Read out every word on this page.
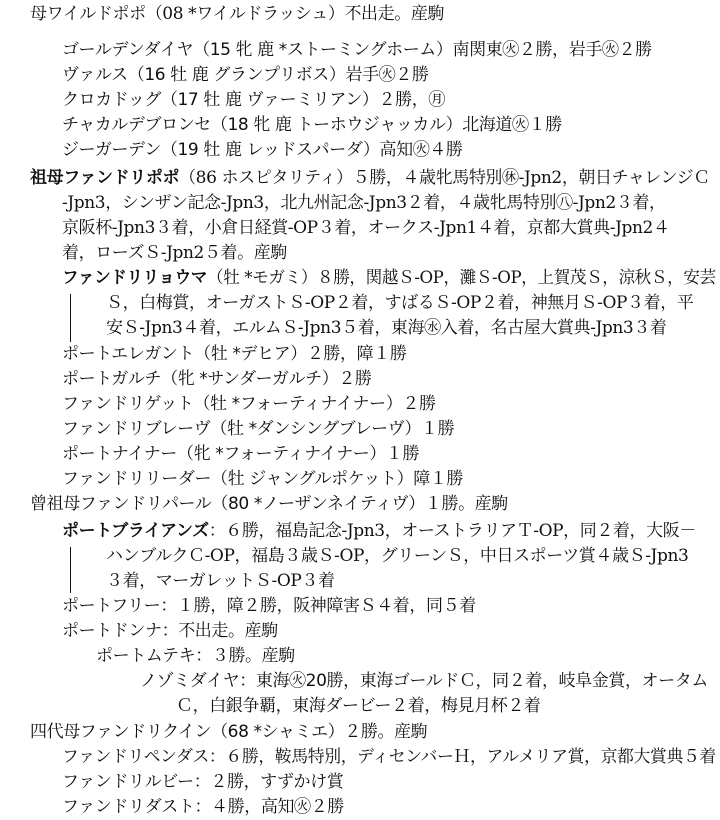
母ワイルドポポ（08 *ワイルドラッシュ）不出走。産駒
ゴールデンダイヤ（15 牝 鹿 *ストーミングホーム）南関東㊋２勝，岩手㊋２勝
ヴァルス（16 牡 鹿 グランプリボス）岩手㊋２勝
クロカドッグ（17 牡 鹿 ヴァーミリアン）２勝，㊊
チャカルデブロンセ（18 牝 鹿 トーホウジャッカル）北海道㊋１勝
ジーガーデン（19 牡 鹿 レッドスパーダ）高知㊋４勝
祖母ファンドリポポ（86 ホスピタリティ）５勝，４歳牝馬特別㊡-Jpn2，朝日チャレンジＣ
-Jpn3，シンザン記念-Jpn3，北九州記念-Jpn3２着，４歳牝馬特別㊇-Jpn2３着，
京阪杯-Jpn3３着，小倉日経賞-OP３着，オークス-Jpn1４着，京都大賞典-Jpn2４
着，ローズＳ-Jpn2５着。産駒
ファンドリリョウマ（牡 *モガミ）８勝，関越Ｓ-OP，灘Ｓ-OP，上賀茂Ｓ，涼秋Ｓ，安芸
Ｓ，白梅賞，オーガストＳ-OP２着，すばるＳ-OP２着，神無月Ｓ-OP３着，平
安Ｓ-Jpn3４着，エルムＳ-Jpn3５着，東海㊌入着，名古屋大賞典-Jpn3３着
ポートエレガント（牡 *デヒア）２勝，障１勝
ポートガルチ（牝 *サンダーガルチ）２勝
ファンドリゲット（牡 *フォーティナイナー）２勝
ファンドリブレーヴ（牡 *ダンシングブレーヴ）１勝
ポートナイナー（牝 *フォーティナイナー）１勝
ファンドリリーダー（牡 ジャングルポケット）障１勝
曾祖母ファンドリパール（80 *ノーザンネイティヴ）１勝。産駒
ポートブライアンズ：６勝，福島記念-Jpn3，オーストラリアＴ-OP，同２着，大阪－
ハンブルクＣ-OP，福島３歳Ｓ-OP，グリーンＳ，中日スポーツ賞４歳Ｓ-Jpn3
３着，マーガレットＳ-OP３着
ポートフリー：１勝，障２勝，阪神障害Ｓ４着，同５着
ポートドンナ：不出走。産駒
ポートムテキ：３勝。産駒
ノゾミダイヤ：東海㊋20勝，東海ゴールドＣ，同２着，岐阜金賞，オータム
Ｃ，白銀争覇，東海ダービー２着，梅見月杯２着
四代母ファンドリクイン（68 *シャミエ）２勝。産駒
ファンドリペンダス：６勝，鞍馬特別，ディセンバーＨ，アルメリア賞，京都大賞典５着
ファンドリルビー：２勝，すずかけ賞
ファンドリダスト：４勝，高知㊋２勝
